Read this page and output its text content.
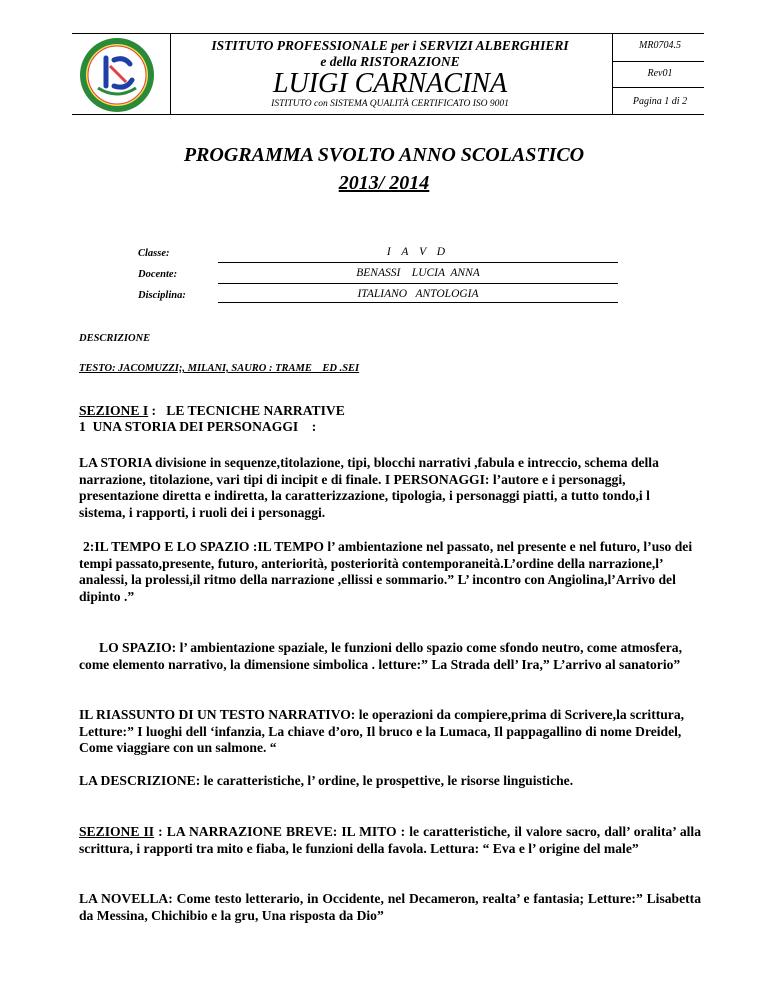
ISTITUTO PROFESSIONALE per i SERVIZI ALBERGHIERI
e della RISTORAZIONE
LUIGI CARNACINA
ISTITUTO con SISTEMA QUALITÀ CERTIFICATO ISO 9001
MR0704.5
Rev01
Pagina 1 di 2
PROGRAMMA SVOLTO ANNO SCOLASTICO
2013/ 2014
Classe:	I A V D
Docente:	BENASSI    LUCIA  ANNA
Disciplina:	ITALIANO   ANTOLOGIA
DESCRIZIONE
TESTO: JACOMUZZI;, MILANI, SAURO : TRAME    ED .SEI
SEZIONE I :   LE TECNICHE NARRATIVE
1  UNA STORIA DEI PERSONAGGI    :
LA STORIA divisione in sequenze,titolazione, tipi, blocchi narrativi ,fabula e intreccio, schema della narrazione, titolazione, vari tipi di incipit e di finale. I PERSONAGGI: l’autore e i personaggi, presentazione diretta e indiretta, la caratterizzazione, tipologia, i personaggi piatti, a tutto tondo,i l sistema, i rapporti, i ruoli dei i personaggi.
2:IL TEMPO E LO SPAZIO :IL TEMPO l’ ambientazione nel passato, nel presente e nel futuro, l’uso dei tempi passato,presente, futuro, anteriorità, posteriorità contemporaneità.L’ordine della narrazione,l’ analessi, la prolessi,il ritmo della narrazione ,ellissi e sommario.” L’ incontro con Angiolina,l’Arrivo del dipinto .”
LO SPAZIO: l’ ambientazione spaziale, le funzioni dello spazio come sfondo neutro, come atmosfera, come elemento narrativo, la dimensione simbolica . letture:” La Strada dell’ Ira,” L’arrivo al sanatorio”
IL RIASSUNTO DI UN TESTO NARRATIVO: le operazioni da compiere,prima di Scrivere,la scrittura, Letture:” I luoghi dell ‘infanzia, La chiave d’oro, Il bruco e la Lumaca, Il pappagallino di nome Dreidel, Come viaggiare con un salmone. “
LA DESCRIZIONE: le caratteristiche, l’ ordine, le prospettive, le risorse linguistiche.
SEZIONE II : LA NARRAZIONE BREVE: IL MITO : le caratteristiche, il valore sacro, dall’ oralita’ alla scrittura, i rapporti tra mito e fiaba, le funzioni della favola. Lettura: “ Eva e l’ origine del male”
LA NOVELLA: Come testo letterario, in Occidente, nel Decameron, realta’ e fantasia; Letture:” Lisabetta da Messina, Chichibio e la gru, Una risposta da Dio”
